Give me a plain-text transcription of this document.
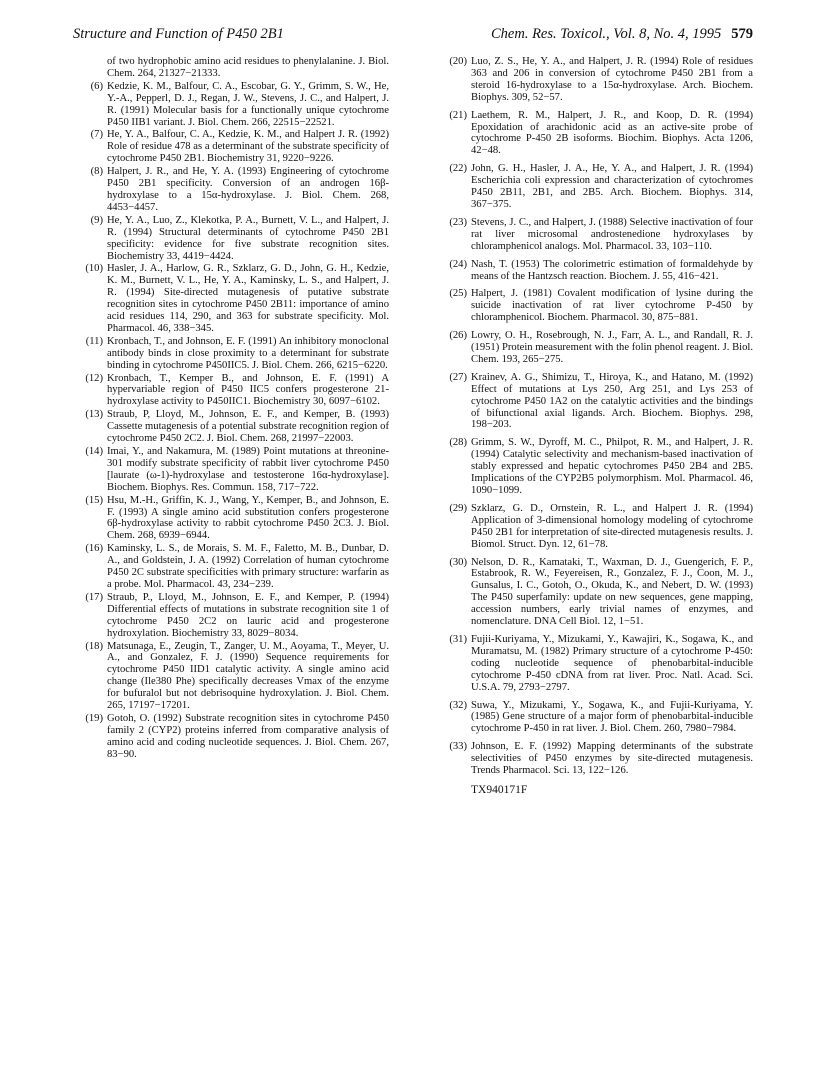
Structure and Function of P450 2B1	Chem. Res. Toxicol., Vol. 8, No. 4, 1995 579
of two hydrophobic amino acid residues to phenylalanine. J. Biol. Chem. 264, 21327−21333.
(6) Kedzie, K. M., Balfour, C. A., Escobar, G. Y., Grimm, S. W., He, Y.-A., Pepperl, D. J., Regan, J. W., Stevens, J. C., and Halpert, J. R. (1991) Molecular basis for a functionally unique cytochrome P450 IIB1 variant. J. Biol. Chem. 266, 22515−22521.
(7) He, Y. A., Balfour, C. A., Kedzie, K. M., and Halpert J. R. (1992) Role of residue 478 as a determinant of the substrate specificity of cytochrome P450 2B1. Biochemistry 31, 9220−9226.
(8) Halpert, J. R., and He, Y. A. (1993) Engineering of cytochrome P450 2B1 specificity. Conversion of an androgen 16β-hydroxylase to a 15α-hydroxylase. J. Biol. Chem. 268, 4453−4457.
(9) He, Y. A., Luo, Z., Klekotka, P. A., Burnett, V. L., and Halpert, J. R. (1994) Structural determinants of cytochrome P450 2B1 specificity: evidence for five substrate recognition sites. Biochemistry 33, 4419−4424.
(10) Hasler, J. A., Harlow, G. R., Szklarz, G. D., John, G. H., Kedzie, K. M., Burnett, V. L., He, Y. A., Kaminsky, L. S., and Halpert, J. R. (1994) Site-directed mutagenesis of putative substrate recognition sites in cytochrome P450 2B11: importance of amino acid residues 114, 290, and 363 for substrate specificity. Mol. Pharmacol. 46, 338−345.
(11) Kronbach, T., and Johnson, E. F. (1991) An inhibitory monoclonal antibody binds in close proximity to a determinant for substrate binding in cytochrome P450IIC5. J. Biol. Chem. 266, 6215−6220.
(12) Kronbach, T., Kemper B., and Johnson, E. F. (1991) A hypervariable region of P450 IIC5 confers progesterone 21-hydroxylase activity to P450IIC1. Biochemistry 30, 6097−6102.
(13) Straub, P, Lloyd, M., Johnson, E. F., and Kemper, B. (1993) Cassette mutagenesis of a potential substrate recognition region of cytochrome P450 2C2. J. Biol. Chem. 268, 21997−22003.
(14) Imai, Y., and Nakamura, M. (1989) Point mutations at threonine-301 modify substrate specificity of rabbit liver cytochrome P450 [laurate (ω-1)-hydroxylase and testosterone 16α-hydroxylase]. Biochem. Biophys. Res. Commun. 158, 717−722.
(15) Hsu, M.-H., Griffin, K. J., Wang, Y., Kemper, B., and Johnson, E. F. (1993) A single amino acid substitution confers progesterone 6β-hydroxylase activity to rabbit cytochrome P450 2C3. J. Biol. Chem. 268, 6939−6944.
(16) Kaminsky, L. S., de Morais, S. M. F., Faletto, M. B., Dunbar, D. A., and Goldstein, J. A. (1992) Correlation of human cytochrome P450 2C substrate specificities with primary structure: warfarin as a probe. Mol. Pharmacol. 43, 234−239.
(17) Straub, P., Lloyd, M., Johnson, E. F., and Kemper, P. (1994) Differential effects of mutations in substrate recognition site 1 of cytochrome P450 2C2 on lauric acid and progesterone hydroxylation. Biochemistry 33, 8029−8034.
(18) Matsunaga, E., Zeugin, T., Zanger, U. M., Aoyama, T., Meyer, U. A., and Gonzalez, F. J. (1990) Sequence requirements for cytochrome P450 IID1 catalytic activity. A single amino acid change (Ile380 Phe) specifically decreases Vmax of the enzyme for bufuralol but not debrisoquine hydroxylation. J. Biol. Chem. 265, 17197−17201.
(19) Gotoh, O. (1992) Substrate recognition sites in cytochrome P450 family 2 (CYP2) proteins inferred from comparative analysis of amino acid and coding nucleotide sequences. J. Biol. Chem. 267, 83−90.
(20) Luo, Z. S., He, Y. A., and Halpert, J. R. (1994) Role of residues 363 and 206 in conversion of cytochrome P450 2B1 from a steroid 16-hydroxylase to a 15α-hydroxylase. Arch. Biochem. Biophys. 309, 52−57.
(21) Laethem, R. M., Halpert, J. R., and Koop, D. R. (1994) Epoxidation of arachidonic acid as an active-site probe of cytochrome P-450 2B isoforms. Biochim. Biophys. Acta 1206, 42−48.
(22) John, G. H., Hasler, J. A., He, Y. A., and Halpert, J. R. (1994) Escherichia coli expression and characterization of cytochromes P450 2B11, 2B1, and 2B5. Arch. Biochem. Biophys. 314, 367−375.
(23) Stevens, J. C., and Halpert, J. (1988) Selective inactivation of four rat liver microsomal androstenedione hydroxylases by chloramphenicol analogs. Mol. Pharmacol. 33, 103−110.
(24) Nash, T. (1953) The colorimetric estimation of formaldehyde by means of the Hantzsch reaction. Biochem. J. 55, 416−421.
(25) Halpert, J. (1981) Covalent modification of lysine during the suicide inactivation of rat liver cytochrome P-450 by chloramphenicol. Biochem. Pharmacol. 30, 875−881.
(26) Lowry, O. H., Rosebrough, N. J., Farr, A. L., and Randall, R. J. (1951) Protein measurement with the folin phenol reagent. J. Biol. Chem. 193, 265−275.
(27) Krainev, A. G., Shimizu, T., Hiroya, K., and Hatano, M. (1992) Effect of mutations at Lys 250, Arg 251, and Lys 253 of cytochrome P450 1A2 on the catalytic activities and the bindings of bifunctional axial ligands. Arch. Biochem. Biophys. 298, 198−203.
(28) Grimm, S. W., Dyroff, M. C., Philpot, R. M., and Halpert, J. R. (1994) Catalytic selectivity and mechanism-based inactivation of stably expressed and hepatic cytochromes P450 2B4 and 2B5. Implications of the CYP2B5 polymorphism. Mol. Pharmacol. 46, 1090−1099.
(29) Szklarz, G. D., Ornstein, R. L., and Halpert J. R. (1994) Application of 3-dimensional homology modeling of cytochrome P450 2B1 for interpretation of site-directed mutagenesis results. J. Biomol. Struct. Dyn. 12, 61−78.
(30) Nelson, D. R., Kamataki, T., Waxman, D. J., Guengerich, F. P., Estabrook, R. W., Feyereisen, R., Gonzalez, F. J., Coon, M. J., Gunsalus, I. C., Gotoh, O., Okuda, K., and Nebert, D. W. (1993) The P450 superfamily: update on new sequences, gene mapping, accession numbers, early trivial names of enzymes, and nomenclature. DNA Cell Biol. 12, 1−51.
(31) Fujii-Kuriyama, Y., Mizukami, Y., Kawajiri, K., Sogawa, K., and Muramatsu, M. (1982) Primary structure of a cytochrome P-450: coding nucleotide sequence of phenobarbital-inducible cytochrome P-450 cDNA from rat liver. Proc. Natl. Acad. Sci. U.S.A. 79, 2793−2797.
(32) Suwa, Y., Mizukami, Y., Sogawa, K., and Fujii-Kuriyama, Y. (1985) Gene structure of a major form of phenobarbital-inducible cytochrome P-450 in rat liver. J. Biol. Chem. 260, 7980−7984.
(33) Johnson, E. F. (1992) Mapping determinants of the substrate selectivities of P450 enzymes by site-directed mutagenesis. Trends Pharmacol. Sci. 13, 122−126.
TX940171F
